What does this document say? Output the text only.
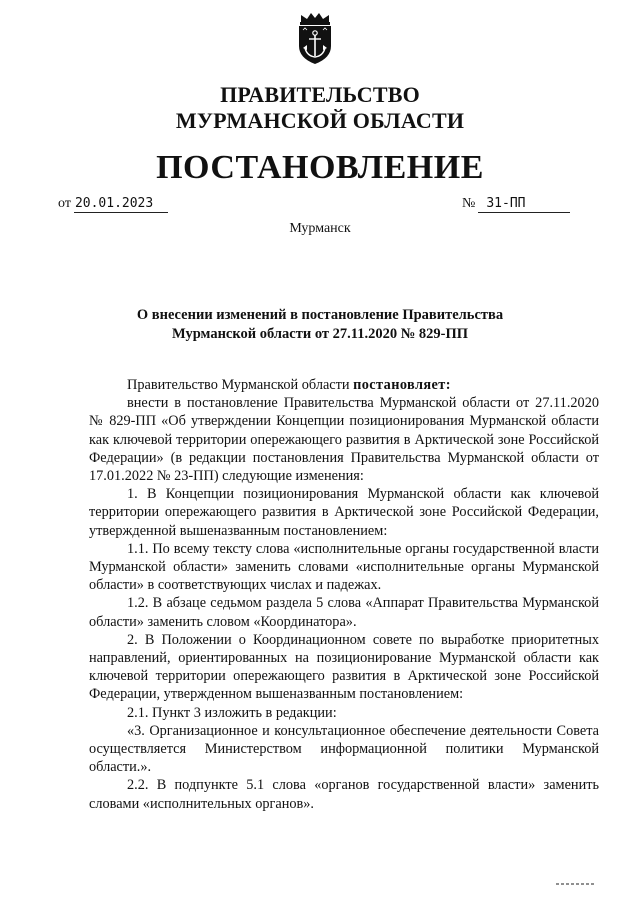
ПРАВИТЕЛЬСТВО
МУРМАНСКОЙ ОБЛАСТИ
ПОСТАНОВЛЕНИЕ
от 20.01.2023	№ 31-ПП
Мурманск
О внесении изменений в постановление Правительства
Мурманской области от 27.11.2020 № 829-ПП

Правительство Мурманской области постановляет:

внести в постановление Правительства Мурманской области от 27.11.2020 № 829-ПП «Об утверждении Концепции позиционирования Мурманской области как ключевой территории опережающего развития в Арктической зоне Российской Федерации» (в редакции постановления Правительства Мурманской области от 17.01.2022 № 23-ПП) следующие изменения:

1. В Концепции позиционирования Мурманской области как ключевой территории опережающего развития в Арктической зоне Российской Федерации, утвержденной вышеназванным постановлением:

1.1. По всему тексту слова «исполнительные органы государственной власти Мурманской области» заменить словами «исполнительные органы Мурманской области» в соответствующих числах и падежах.

1.2. В абзаце седьмом раздела 5 слова «Аппарат Правительства Мурманской области» заменить словом «Координатора».

2. В Положении о Координационном совете по выработке приоритетных направлений, ориентированных на позиционирование Мурманской области как ключевой территории опережающего развития в Арктической зоне Российской Федерации, утвержденном вышеназванным постановлением:

2.1. Пункт 3 изложить в редакции:

«3. Организационное и консультационное обеспечение деятельности Совета осуществляется Министерством информационной политики Мурманской области.».

2.2. В подпункте 5.1 слова «органов государственной власти» заменить словами «исполнительных органов».
